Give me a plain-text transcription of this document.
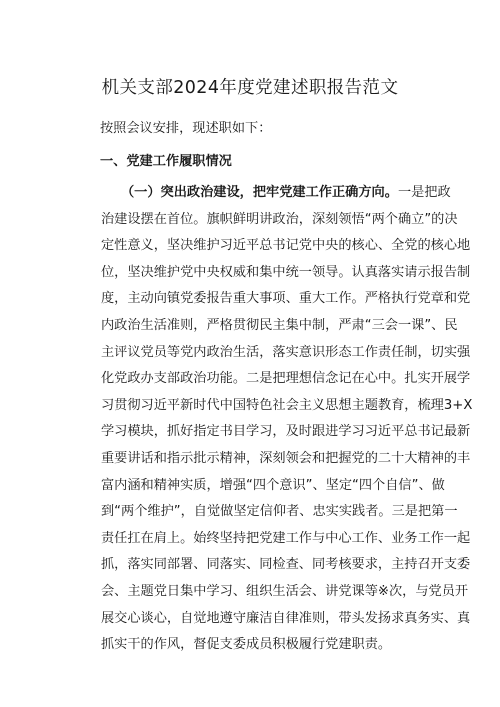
机关支部2024年度党建述职报告范文
按照会议安排，现述职如下：
一、党建工作履职情况
（一）突出政治建设，把牢党建工作正确方向。一是把政
治建设摆在首位。旗帜鲜明讲政治，深刻领悟“两个确立”的决
定性意义，坚决维护习近平总书记党中央的核心、全党的核心地
位，坚决维护党中央权威和集中统一领导。认真落实请示报告制
度，主动向镇党委报告重大事项、重大工作。严格执行党章和党
内政治生活准则，严格贯彻民主集中制，严肃“三会一课”、民
主评议党员等党内政治生活，落实意识形态工作责任制，切实强
化党政办支部政治功能。二是把理想信念记在心中。扎实开展学
习贯彻习近平新时代中国特色社会主义思想主题教育，梳理3+X
学习模块，抓好指定书目学习，及时跟进学习习近平总书记最新
重要讲话和指示批示精神，深刻领会和把握党的二十大精神的丰
富内涵和精神实质，增强“四个意识”、坚定“四个自信”、做
到“两个维护”，自觉做坚定信仰者、忠实实践者。三是把第一
责任扛在肩上。始终坚持把党建工作与中心工作、业务工作一起
抓，落实同部署、同落实、同检查、同考核要求，主持召开支委
会、主题党日集中学习、组织生活会、讲党课等※次，与党员开
展交心谈心，自觉地遵守廉洁自律准则，带头发扬求真务实、真
抓实干的作风，督促支委成员积极履行党建职责。
